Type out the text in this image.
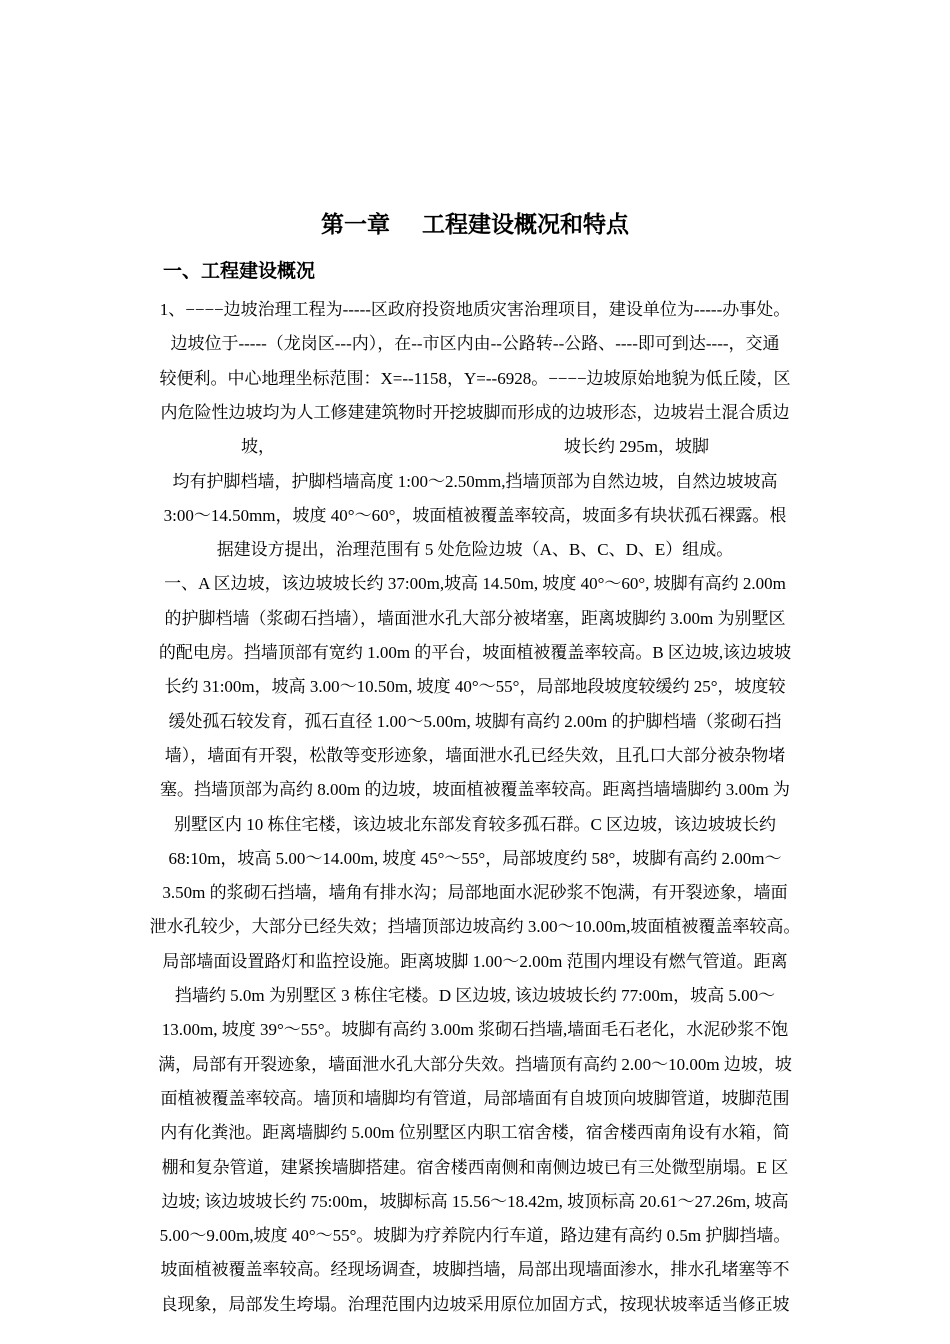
第一章    工程建设概况和特点
一、工程建设概况
1、−−−−边坡治理工程为-----区政府投资地质灾害治理项目，建设单位为-----办事处。
边坡位于-----（龙岗区---内），在--市区内由--公路转--公路、----即可到达----，交通
较便利。中心地理坐标范围：X=--1158，Y=--6928。−−−−边坡原始地貌为低丘陵，区
内危险性边坡均为人工修建建筑物时开挖坡脚而形成的边坡形态，边坡岩土混合质边
坡，                                                                    坡长约 295m，坡脚
均有护脚档墙，护脚档墙高度 1:00～2.50mm,挡墙顶部为自然边坡，自然边坡坡高
3:00～14.50mm，坡度 40°～60°，坡面植被覆盖率较高，坡面多有块状孤石裸露。根
据建设方提出，治理范围有 5 处危险边坡（A、B、C、D、E）组成。
一、A 区边坡，该边坡坡长约 37:00m,坡高 14.50m, 坡度 40°～60°, 坡脚有高约 2.00m
的护脚档墙（浆砌石挡墙），墙面泄水孔大部分被堵塞，距离坡脚约 3.00m 为别墅区
的配电房。挡墙顶部有宽约 1.00m 的平台，坡面植被覆盖率较高。B 区边坡,该边坡坡
长约 31:00m，坡高 3.00～10.50m, 坡度 40°～55°，局部地段坡度较缓约 25°，坡度较
缓处孤石较发育，孤石直径 1.00～5.00m, 坡脚有高约 2.00m 的护脚档墙（浆砌石挡
墙），墙面有开裂，松散等变形迹象，墙面泄水孔已经失效，且孔口大部分被杂物堵
塞。挡墙顶部为高约 8.00m 的边坡，坡面植被覆盖率较高。距离挡墙墙脚约 3.00m 为
别墅区内 10 栋住宅楼，该边坡北东部发育较多孤石群。C 区边坡，该边坡坡长约
68:10m，坡高 5.00～14.00m, 坡度 45°～55°，局部坡度约 58°，坡脚有高约 2.00m～
3.50m 的浆砌石挡墙，墙角有排水沟；局部地面水泥砂浆不饱满，有开裂迹象，墙面
泄水孔较少，大部分已经失效；挡墙顶部边坡高约 3.00～10.00m,坡面植被覆盖率较高。
局部墙面设置路灯和监控设施。距离坡脚 1.00～2.00m 范围内埋设有燃气管道。距离
挡墙约 5.0m 为别墅区 3 栋住宅楼。D 区边坡, 该边坡坡长约 77:00m，坡高 5.00～
13.00m, 坡度 39°～55°。坡脚有高约 3.00m 浆砌石挡墙,墙面毛石老化，水泥砂浆不饱
满，局部有开裂迹象，墙面泄水孔大部分失效。挡墙顶有高约 2.00～10.00m 边坡，坡
面植被覆盖率较高。墙顶和墙脚均有管道，局部墙面有自坡顶向坡脚管道，坡脚范围
内有化粪池。距离墙脚约 5.00m 位别墅区内职工宿舍楼，宿舍楼西南角设有水箱，简
棚和复杂管道，建紧挨墙脚搭建。宿舍楼西南侧和南侧边坡已有三处微型崩塌。E 区
边坡; 该边坡坡长约 75:00m，坡脚标高 15.56～18.42m, 坡顶标高 20.61～27.26m, 坡高
5.00～9.00m,坡度 40°～55°。坡脚为疗养院内行车道，路边建有高约 0.5m 护脚挡墙。
坡面植被覆盖率较高。经现场调查，坡脚挡墙，局部出现墙面渗水，排水孔堵塞等不
良现象，局部发生垮塌。治理范围内边坡采用原位加固方式，按现状坡率适当修正坡
